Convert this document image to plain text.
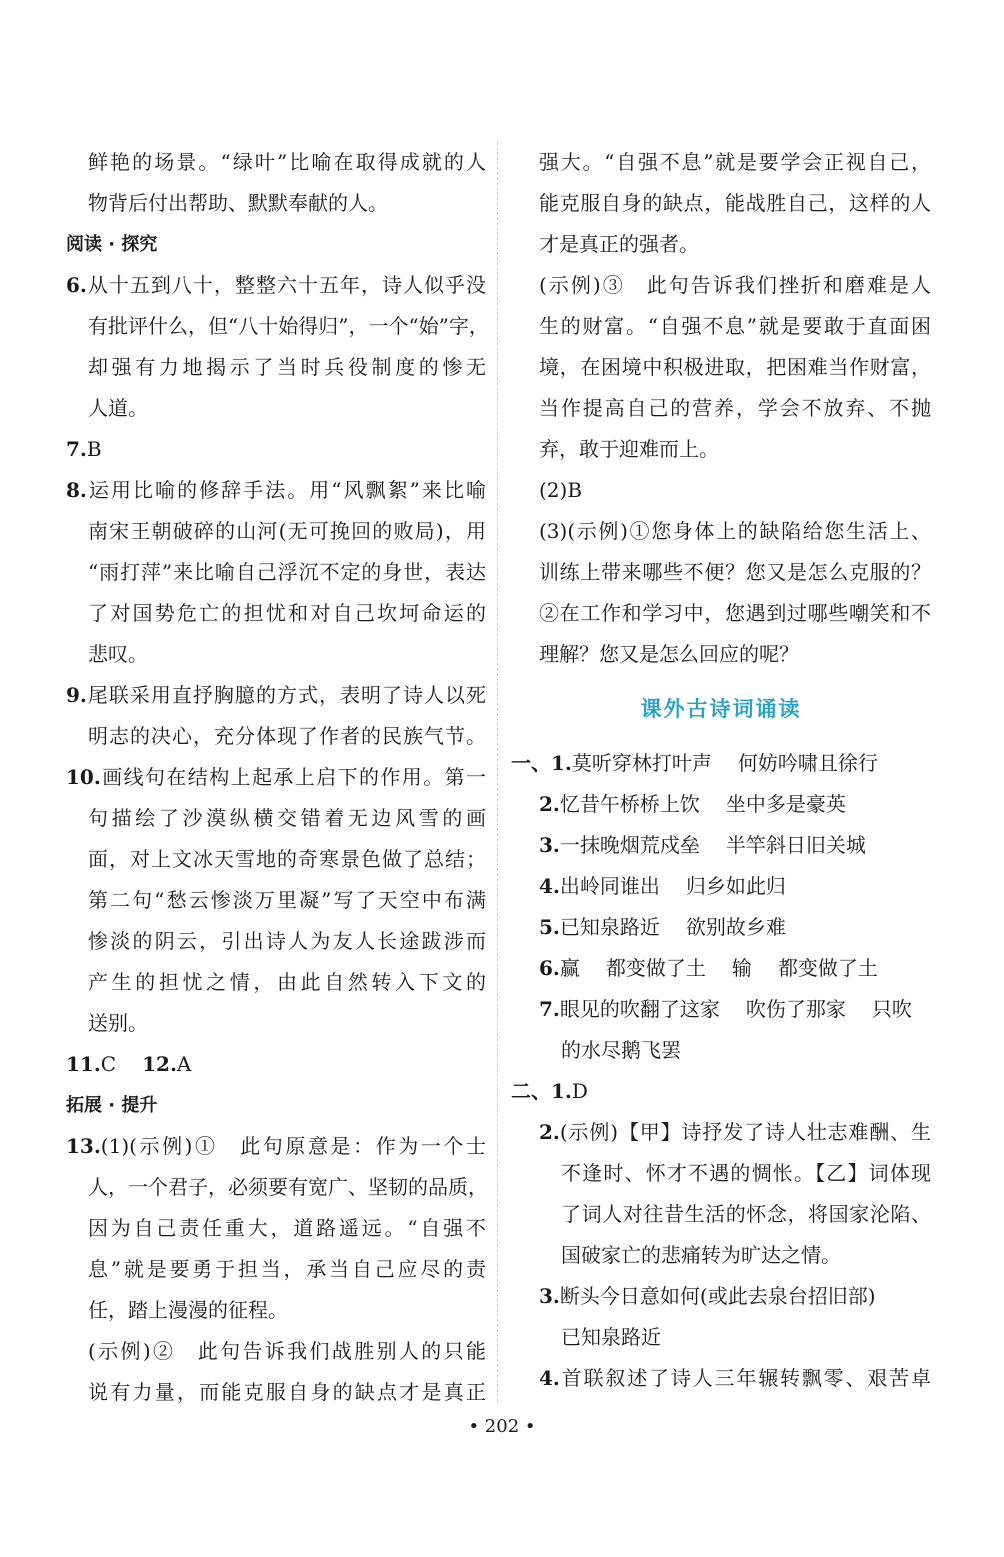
鲜艳的场景。“绿叶”比喻在取得成就的人
物背后付出帮助、默默奉献的人。
阅读 · 探究
6.从十五到八十，整整六十五年，诗人似乎没
有批评什么，但“八十始得归”，一个“始”字，
却强有力地揭示了当时兵役制度的惨无
人道。
7.B
8.运用比喻的修辞手法。用“风飘絮”来比喻
南宋王朝破碎的山河(无可挽回的败局)，用
“雨打萍”来比喻自己浮沉不定的身世，表达
了对国势危亡的担忧和对自己坎坷命运的
悲叹。
9.尾联采用直抒胸臆的方式，表明了诗人以死
明志的决心，充分体现了作者的民族气节。
10.画线句在结构上起承上启下的作用。第一
句描绘了沙漠纵横交错着无边风雪的画
面，对上文冰天雪地的奇寒景色做了总结；
第二句“愁云惨淡万里凝”写了天空中布满
惨淡的阴云，引出诗人为友人长途跋涉而
产生的担忧之情，由此自然转入下文的
送别。
11.C 12.A
拓展 · 提升
13.(1)(示例)①　此句原意是：作为一个士
人，一个君子，必须要有宽广、坚韧的品质，
因为自己责任重大，道路遥远。“自强不
息”就是要勇于担当，承当自己应尽的责
任，踏上漫漫的征程。
(示例)②　此句告诉我们战胜别人的只能
说有力量，而能克服自身的缺点才是真正
强大。“自强不息”就是要学会正视自己，
能克服自身的缺点，能战胜自己，这样的人
才是真正的强者。
(示例)③　此句告诉我们挫折和磨难是人
生的财富。“自强不息”就是要敢于直面困
境，在困境中积极进取，把困难当作财富，
当作提高自己的营养，学会不放弃、不抛
弃，敢于迎难而上。
(2)B
(3)(示例)①您身体上的缺陷给您生活上、
训练上带来哪些不便？您又是怎么克服的？
②在工作和学习中，您遇到过哪些嘲笑和不
理解？您又是怎么回应的呢？
课外古诗词诵读
一、1.莫听穿林打叶声 何妨吟啸且徐行
2.忆昔午桥桥上饮 坐中多是豪英
3.一抹晚烟荒戍垒 半竿斜日旧关城
4.出岭同谁出 归乡如此归
5.已知泉路近 欲别故乡难
6.赢 都变做了土 输 都变做了土
7.眼见的吹翻了这家 吹伤了那家 只吹
的水尽鹅飞罢
二、1.D
2.(示例)【甲】诗抒发了诗人壮志难酬、生
不逢时、怀才不遇的惆怅。【乙】词体现
了词人对往昔生活的怀念，将国家沦陷、
国破家亡的悲痛转为旷达之情。
3.断头今日意如何(或此去泉台招旧部)
已知泉路近
4.首联叙述了诗人三年辗转飘零、艰苦卓
• 202 •
